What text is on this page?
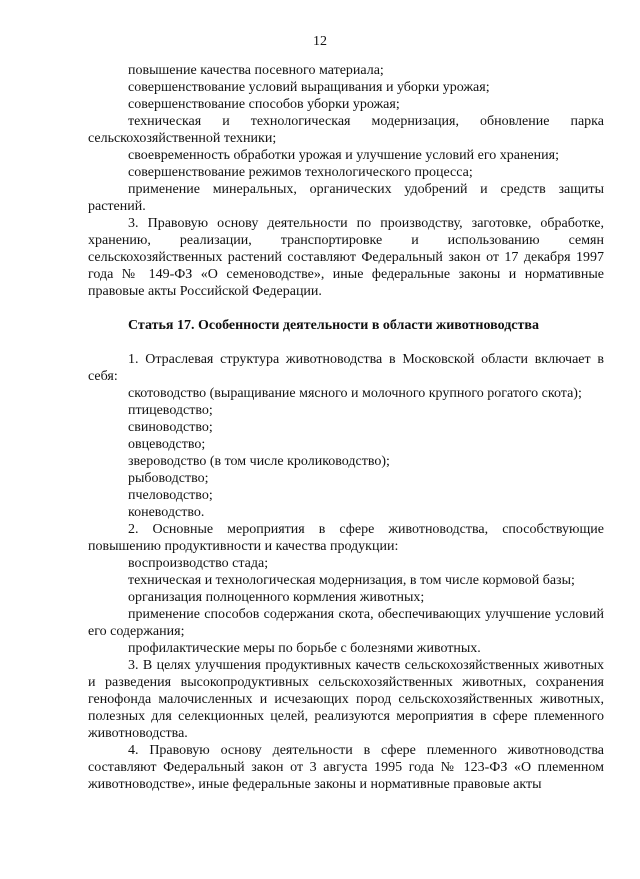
12

повышение качества посевного материала;

совершенствование условий выращивания и уборки урожая;

совершенствование способов уборки урожая;

техническая и технологическая модернизация, обновление парка сельскохозяйственной техники;

своевременность обработки урожая и улучшение условий его хранения;

совершенствование режимов технологического процесса;

применение минеральных, органических удобрений и средств защиты растений.

3. Правовую основу деятельности по производству, заготовке, обработке, хранению, реализации, транспортировке и использованию семян сельскохозяйственных растений составляют Федеральный закон от 17 декабря 1997 года № 149-ФЗ «О семеноводстве», иные федеральные законы и нормативные правовые акты Российской Федерации.

Статья 17. Особенности деятельности в области животноводства

1. Отраслевая структура животноводства в Московской области включает в себя:

скотоводство (выращивание мясного и молочного крупного рогатого скота);

птицеводство;

свиноводство;

овцеводство;

звероводство (в том числе кролиководство);

рыбоводство;

пчеловодство;

коневодство.

2. Основные мероприятия в сфере животноводства, способствующие повышению продуктивности и качества продукции:

воспроизводство стада;

техническая и технологическая модернизация, в том числе кормовой базы;

организация полноценного кормления животных;

применение способов содержания скота, обеспечивающих улучшение условий его содержания;

профилактические меры по борьбе с болезнями животных.

3. В целях улучшения продуктивных качеств сельскохозяйственных животных и разведения высокопродуктивных сельскохозяйственных животных, сохранения генофонда малочисленных и исчезающих пород сельскохозяйственных животных, полезных для селекционных целей, реализуются мероприятия в сфере племенного животноводства.

4. Правовую основу деятельности в сфере племенного животноводства составляют Федеральный закон от 3 августа 1995 года № 123-ФЗ «О племенном животноводстве», иные федеральные законы и нормативные правовые акты
